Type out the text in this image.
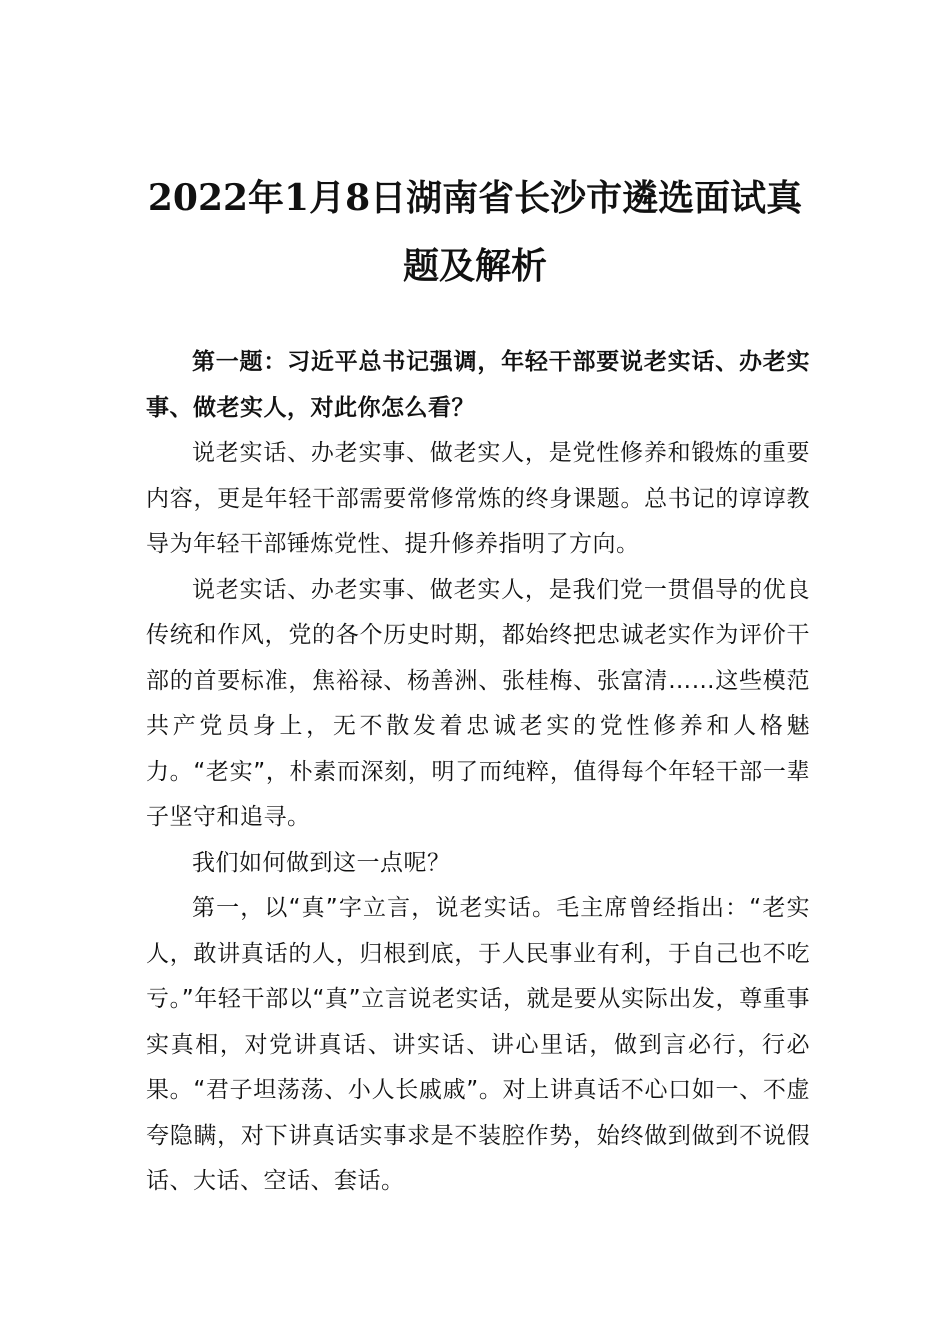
2022年1月8日湖南省长沙市遴选面试真
题及解析

第一题：习近平总书记强调，年轻干部要说老实话、办老实事、做老实人，对此你怎么看？

说老实话、办老实事、做老实人，是党性修养和锻炼的重要内容，更是年轻干部需要常修常炼的终身课题。总书记的谆谆教导为年轻干部锤炼党性、提升修养指明了方向。

说老实话、办老实事、做老实人，是我们党一贯倡导的优良传统和作风，党的各个历史时期，都始终把忠诚老实作为评价干部的首要标准，焦裕禄、杨善洲、张桂梅、张富清……这些模范共产党员身上，无不散发着忠诚老实的党性修养和人格魅力。“老实”，朴素而深刻，明了而纯粹，值得每个年轻干部一辈子坚守和追寻。

我们如何做到这一点呢？

第一，以“真”字立言，说老实话。毛主席曾经指出：“老实人，敢讲真话的人，归根到底，于人民事业有利，于自己也不吃亏。”年轻干部以“真”立言说老实话，就是要从实际出发，尊重事实真相，对党讲真话、讲实话、讲心里话，做到言必行，行必果。“君子坦荡荡、小人长戚戚”。对上讲真话不心口如一、不虚夸隐瞒，对下讲真话实事求是不装腔作势，始终做到做到不说假话、大话、空话、套话。
